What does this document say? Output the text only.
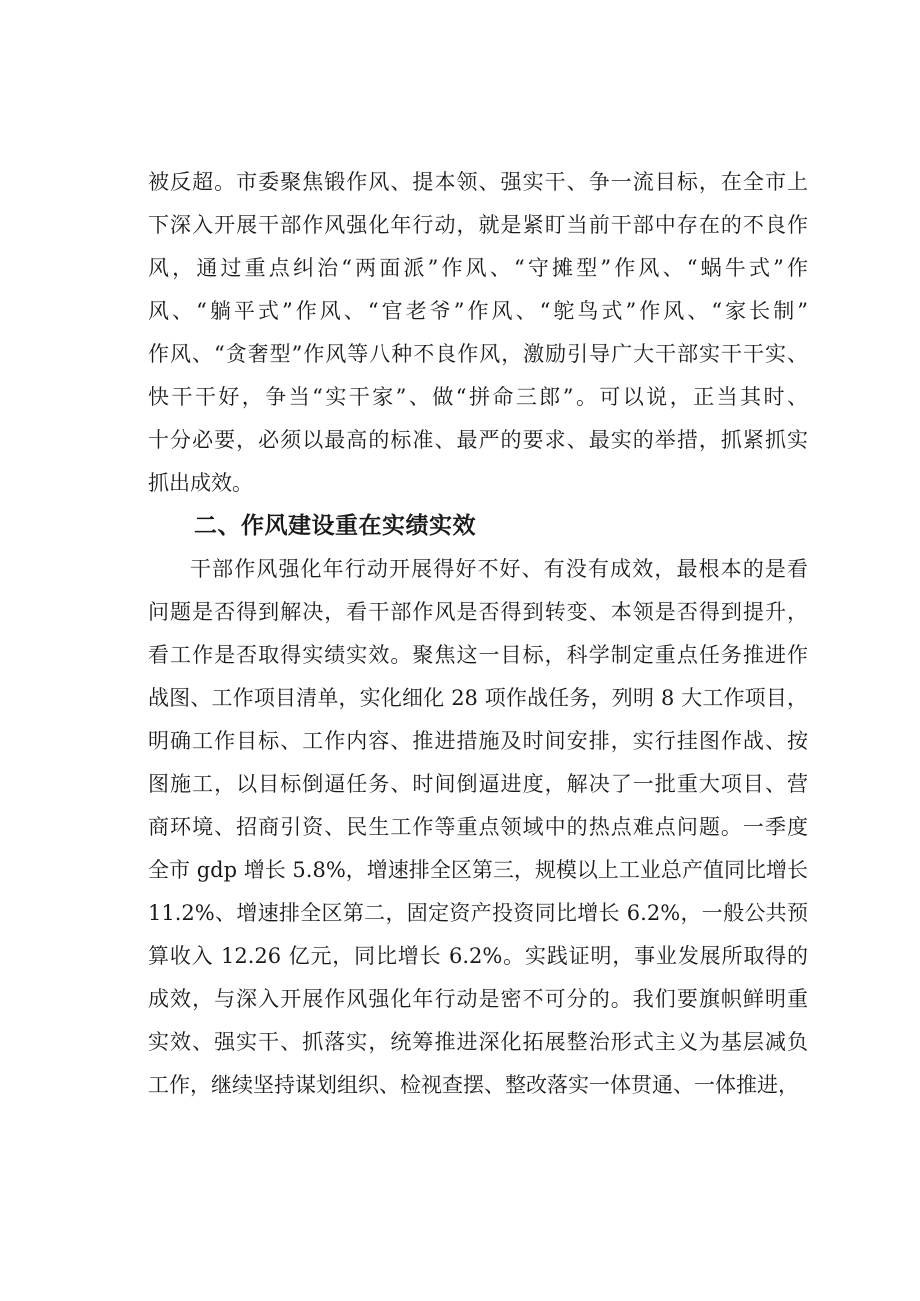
被反超。市委聚焦锻作风、提本领、强实干、争一流目标，在全市上
下深入开展干部作风强化年行动，就是紧盯当前干部中存在的不良作
风，通过重点纠治“两面派”作风、“守摊型”作风、“蜗牛式”作
风、“躺平式”作风、“官老爷”作风、“鸵鸟式”作风、“家长制”
作风、“贪奢型”作风等八种不良作风，激励引导广大干部实干干实、
快干干好，争当“实干家”、做“拼命三郎”。可以说，正当其时、
十分必要，必须以最高的标准、最严的要求、最实的举措，抓紧抓实
抓出成效。
二、作风建设重在实绩实效
干部作风强化年行动开展得好不好、有没有成效，最根本的是看
问题是否得到解决，看干部作风是否得到转变、本领是否得到提升，
看工作是否取得实绩实效。聚焦这一目标，科学制定重点任务推进作
战图、工作项目清单，实化细化 28 项作战任务，列明 8 大工作项目，
明确工作目标、工作内容、推进措施及时间安排，实行挂图作战、按
图施工，以目标倒逼任务、时间倒逼进度，解决了一批重大项目、营
商环境、招商引资、民生工作等重点领域中的热点难点问题。一季度
全市 gdp 增长 5.8%，增速排全区第三，规模以上工业总产值同比增长
11.2%、增速排全区第二，固定资产投资同比增长 6.2%，一般公共预
算收入 12.26 亿元，同比增长 6.2%。实践证明，事业发展所取得的
成效，与深入开展作风强化年行动是密不可分的。我们要旗帜鲜明重
实效、强实干、抓落实，统筹推进深化拓展整治形式主义为基层减负
工作，继续坚持谋划组织、检视查摆、整改落实一体贯通、一体推进，
